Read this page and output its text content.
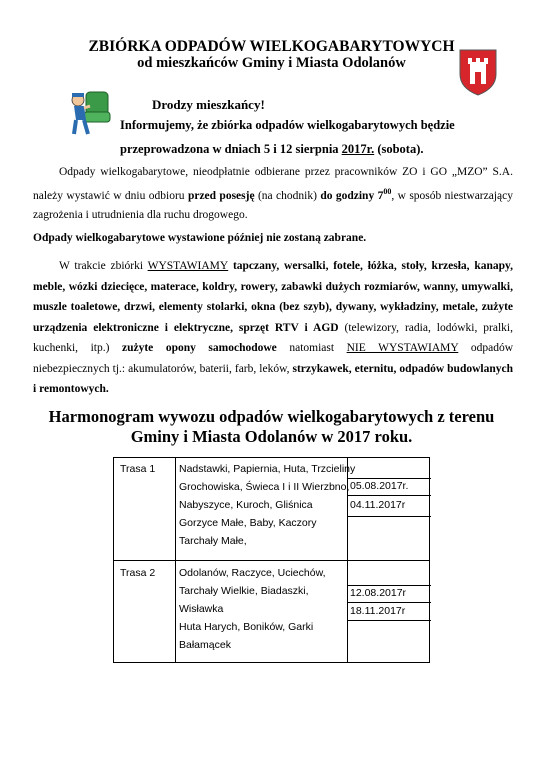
ZBIÓRKA ODPADÓW WIELKOGABARYTOWYCH
od mieszkańców Gminy i Miasta Odolanów
Drodzy mieszkańcy!
Informujemy, że zbiórka odpadów wielkogabarytowych będzie
przeprowadzona w dniach 5 i 12 sierpnia 2017r. (sobota).
Odpady wielkogabarytowe, nieodpłatnie odbierane przez pracowników ZO i GO „MZO” S.A. należy wystawić w dniu odbioru przed posesję (na chodnik) do godziny $7^{00}$, w sposób niestwarzający zagrożenia i utrudnienia dla ruchu drogowego.
Odpady wielkogabarytowe wystawione później nie zostaną zabrane.
W trakcie zbiórki WYSTAWIAMY tapczany, wersalki, fotele, łóżka, stoły, krzesła, kanapy, meble, wózki dziecięce, materace, koldry, rowery, zabawki dużych rozmiarów, wanny, umywalki, muszle toaletowe, drzwi, elementy stolarki, okna (bez szyb), dywany, wykładziny, metale, zużyte urządzenia elektroniczne i elektryczne, sprzęt RTV i AGD (telewizory, radia, lodówki, pralki, kuchenki, itp.) zużyte opony samochodowe natomiast NIE WYSTAWIAMY odpadów niebezpiecznych tj.: akumulatorów, baterii, farb, leków, strzykawek, eternitu, odpadów budowlanych i remontowych.
Harmonogram wywozu odpadów wielkogabarytowych z terenu
Gminy i Miasta Odolanów w 2017 roku.
Trasa 1 Nadstawki, Papiernia, Huta, Trzcieliny
Grochowiska, Świeca I i II Wierzbno,
Nabyszyce, Kuroch, Gliśnica
Gorzyce Małe, Baby, Kaczory
Tarchały Małe,
05.08.2017r.
04.11.2017r
Trasa 2 Odolanów, Raczyce, Uciechów,
Tarchały Wielkie, Biadaszki,
Wisławka
Huta Harych, Boników, Garki
Bałamącek
12.08.2017r
18.11.2017r
